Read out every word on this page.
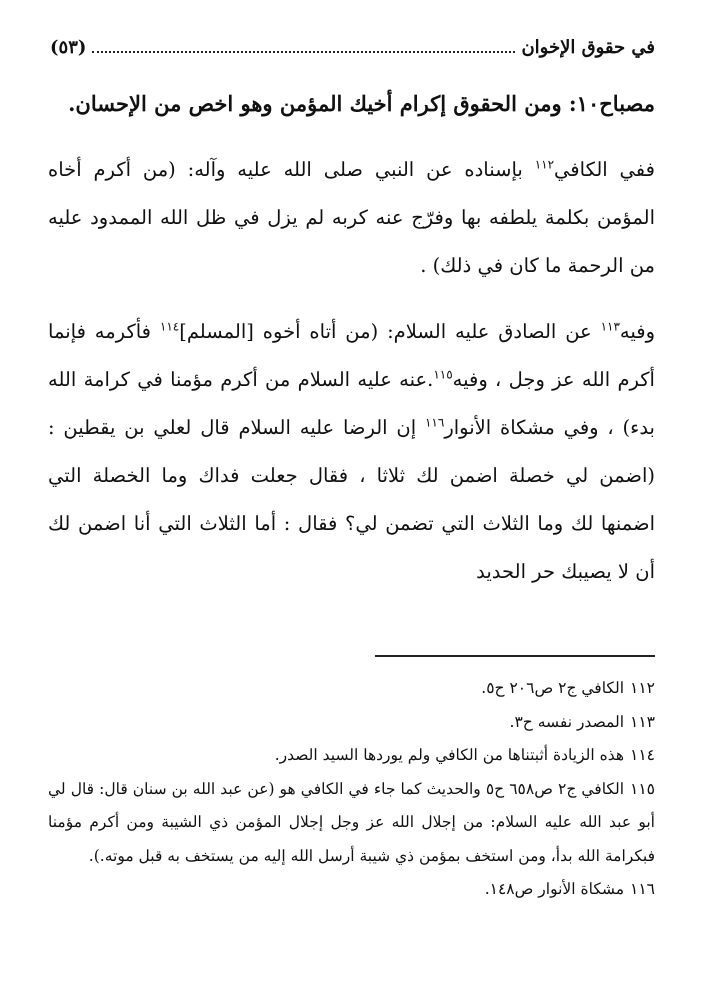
في حقوق الإخوان
(٥٣)

مصباح١٠: ومن الحقوق إكرام أخيك المؤمن وهو اخص من الإحسان.

ففي الكافي$^{١١٢}$ بإسناده عن النبي صلى الله عليه وآله: (من أكرم أخاه المؤمن بكلمة يلطفه بها وفرّج عنه كربه لم يزل في ظل الله الممدود عليه من الرحمة ما كان في ذلك) .

وفيه$^{١١٣}$ عن الصادق عليه السلام: (من أتاه أخوه [المسلم]$^{١١٤}$ فأكرمه فإنما أكرم الله عز وجل ، وفيه$^{١١٥}$.عنه عليه السلام من أكرم مؤمنا في كرامة الله بدء) ، وفي مشكاة الأنوار$^{١١٦}$ إن الرضا عليه السلام قال لعلي بن يقطين : (اضمن لي خصلة اضمن لك ثلاثا ، فقال جعلت فداك وما الخصلة التي اضمنها لك وما الثلاث التي تضمن لي؟ فقال : أما الثلاث التي أنا اضمن لك أن لا يصيبك حر الحديد

١١٢الكافي ج٢ ص٢٠٦ ح٥.

١١٣المصدر نفسه ح٣.

١١٤هذه الزيادة أثبتناها من الكافي ولم يوردها السيد الصدر.

١١٥الكافي ج٢ ص٦٥٨ ح٥ والحديث كما جاء في الكافي هو (عن عبد الله بن سنان قال: قال لي أبو عبد الله عليه السلام: من إجلال الله عز وجل إجلال المؤمن ذي الشيبة ومن أكرم مؤمنا فبكرامة الله بدأ، ومن استخف بمؤمن ذي شيبة أرسل الله إليه من يستخف به قبل موته.).

١١٦مشكاة الأنوار ص١٤٨.
